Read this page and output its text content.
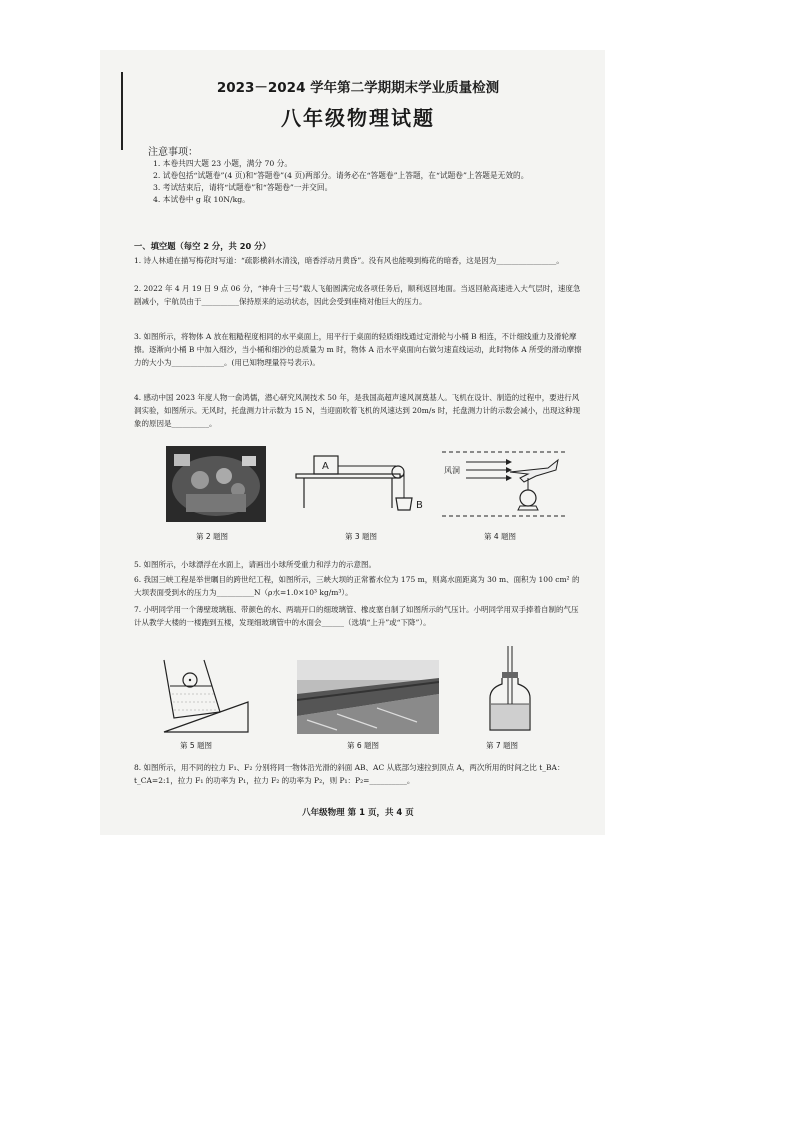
2023－2024 学年第二学期期末学业质量检测
八年级物理试题
注意事项：
1. 本卷共四大题 23 小题，满分 70 分。
2. 试卷包括“试题卷”(4 页)和“答题卷”(4 页)两部分。请务必在“答题卷”上答题，在“试题卷”上答题是无效的。
3. 考试结束后，请将“试题卷”和“答题卷”一并交回。
4. 本试卷中 g 取 10N/kg。
一、填空题（每空 2 分，共 20 分）
1. 诗人林逋在描写梅花时写道：“疏影横斜水清浅，暗香浮动月黄昏”。没有风也能嗅到梅花的暗香，这是因为________________。
2. 2022 年 4 月 19 日 9 点 06 分，“神舟十三号”载人飞船圆满完成各项任务后，顺利返回地面。当返回舱高速进入大气层时，速度急剧减小，宇航员由于__________保持原来的运动状态，因此会受到座椅对他巨大的压力。
3. 如图所示，将物体 A 放在粗糙程度相同的水平桌面上，用平行于桌面的轻质细线通过定滑轮与小桶 B 相连，不计细线重力及滑轮摩擦。逐渐向小桶 B 中加入细沙，当小桶和细沙的总质量为 m 时，物体 A 沿水平桌面向右做匀速直线运动，此时物体 A 所受的滑动摩擦力的大小为______________。(用已知物理量符号表示)。
4. 感动中国 2023 年度人物一俞鸿儒，潜心研究风洞技术 50 年，是我国高超声速风洞奠基人。飞机在设计、制造的过程中，要进行风洞实验，如图所示。无风时，托盘测力计示数为 15 N，当迎面吹着飞机的风速达到 20m/s 时，托盘测力计的示数会减小，出现这种现象的原因是__________。
第 2 题图
A
B
第 3 题图
风洞
第 4 题图
5. 如图所示，小球漂浮在水面上，请画出小球所受重力和浮力的示意图。
6. 我国三峡工程是举世瞩目的跨世纪工程，如图所示，三峡大坝的正常蓄水位为 175 m，则离水面距离为 30 m、面积为 100 cm² 的大坝表面受到水的压力为__________N（ρ水=1.0×10³ kg/m³）。
7. 小明同学用一个薄壁玻璃瓶、带颜色的水、两端开口的细玻璃管、橡皮塞自制了如图所示的气压计。小明同学用双手捧着自制的气压计从教学大楼的一楼跑到五楼，发现细玻璃管中的水面会______（选填“上升”或“下降”）。
第 5 题图	第 6 题图	第 7 题图
8. 如图所示，用不同的拉力 F₁、F₂ 分别将同一物体沿光滑的斜面 AB、AC 从底部匀速拉到顶点 A，两次所用的时间之比 t_BA：t_CA=2:1，拉力 F₁ 的功率为 P₁，拉力 F₂ 的功率为 P₂，则 P₁：P₂=__________。
八年级物理 第 1 页，共 4 页
